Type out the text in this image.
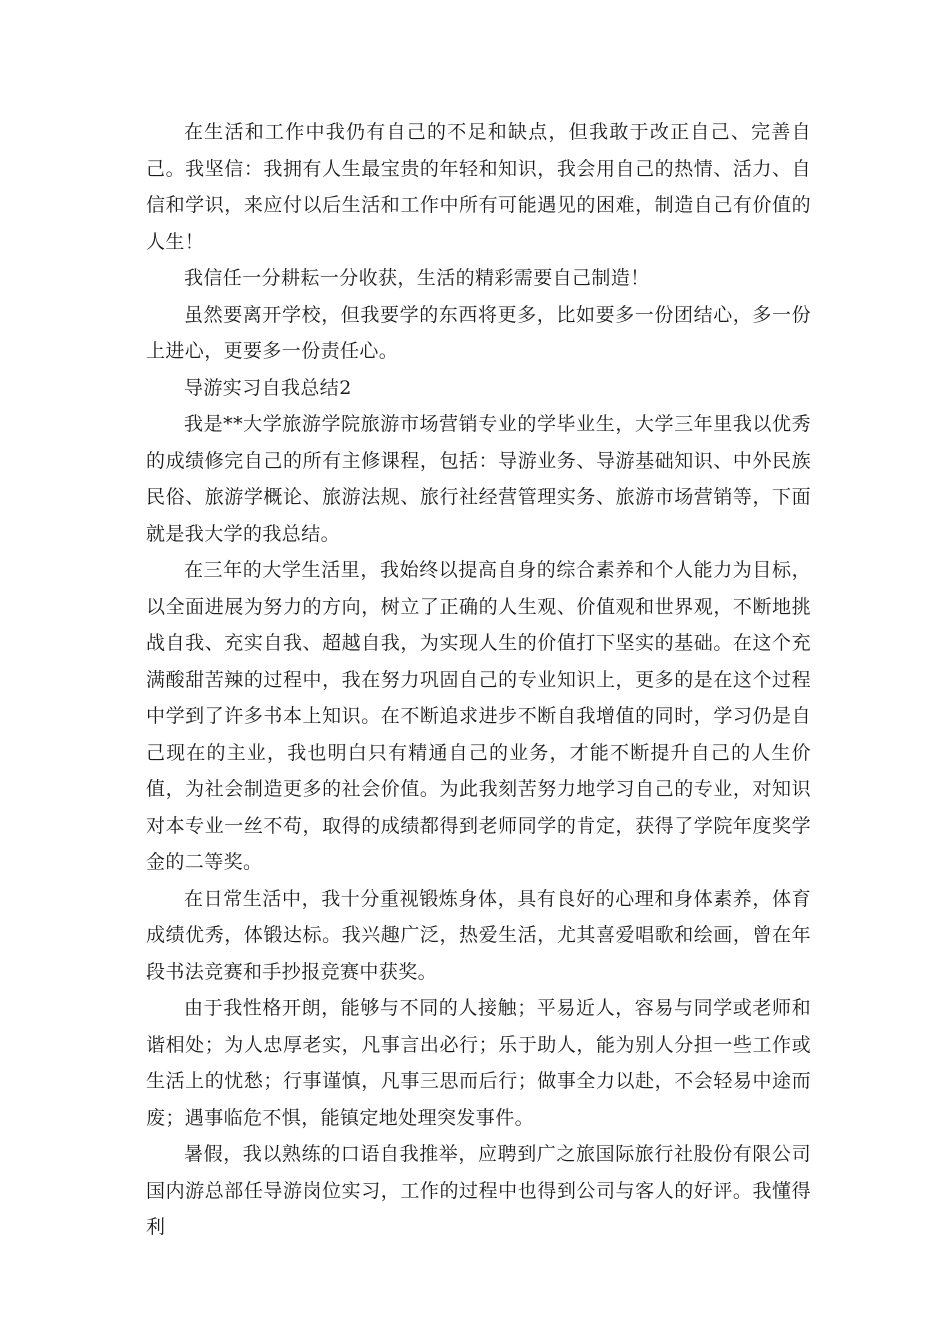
在生活和工作中我仍有自己的不足和缺点，但我敢于改正自己、完善自己。我坚信：我拥有人生最宝贵的年轻和知识，我会用自己的热情、活力、自信和学识，来应付以后生活和工作中所有可能遇见的困难，制造自己有价值的人生！

我信任一分耕耘一分收获，生活的精彩需要自己制造！

虽然要离开学校，但我要学的东西将更多，比如要多一份团结心，多一份上进心，更要多一份责任心。

导游实习自我总结2

我是**大学旅游学院旅游市场营销专业的学毕业生，大学三年里我以优秀的成绩修完自己的所有主修课程，包括：导游业务、导游基础知识、中外民族民俗、旅游学概论、旅游法规、旅行社经营管理实务、旅游市场营销等，下面就是我大学的我总结。

在三年的大学生活里，我始终以提高自身的综合素养和个人能力为目标，以全面进展为努力的方向，树立了正确的人生观、价值观和世界观，不断地挑战自我、充实自我、超越自我，为实现人生的价值打下坚实的基础。在这个充满酸甜苦辣的过程中，我在努力巩固自己的专业知识上，更多的是在这个过程中学到了许多书本上知识。在不断追求进步不断自我增值的同时，学习仍是自己现在的主业，我也明白只有精通自己的业务，才能不断提升自己的人生价值，为社会制造更多的社会价值。为此我刻苦努力地学习自己的专业，对知识对本专业一丝不苟，取得的成绩都得到老师同学的肯定，获得了学院年度奖学金的二等奖。

在日常生活中，我十分重视锻炼身体，具有良好的心理和身体素养，体育成绩优秀，体锻达标。我兴趣广泛，热爱生活，尤其喜爱唱歌和绘画，曾在年段书法竞赛和手抄报竞赛中获奖。

由于我性格开朗，能够与不同的人接触；平易近人，容易与同学或老师和谐相处；为人忠厚老实，凡事言出必行；乐于助人，能为别人分担一些工作或生活上的忧愁；行事谨慎，凡事三思而后行；做事全力以赴，不会轻易中途而废；遇事临危不惧，能镇定地处理突发事件。

暑假，我以熟练的口语自我推举，应聘到广之旅国际旅行社股份有限公司国内游总部任导游岗位实习，工作的过程中也得到公司与客人的好评。我懂得利
